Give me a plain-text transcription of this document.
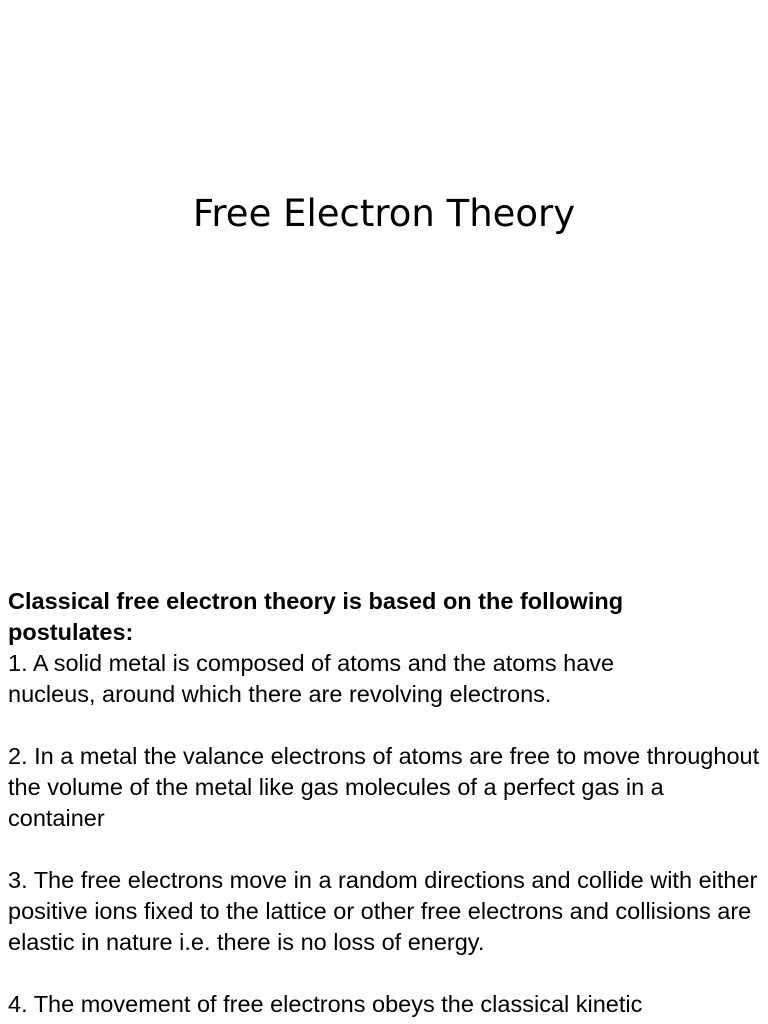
Free Electron Theory

Classical free electron theory is based on the following postulates:

1. A solid metal is composed of atoms and the atoms have nucleus, around which there are revolving electrons.

2. In a metal the valance electrons of atoms are free to move throughout the volume of the metal like gas molecules of a perfect gas in a container

3. The free electrons move in a random directions and collide with either positive ions fixed to the lattice or other free electrons and collisions are elastic in nature i.e. there is no loss of energy.

4. The movement of free electrons obeys the classical kinetic
